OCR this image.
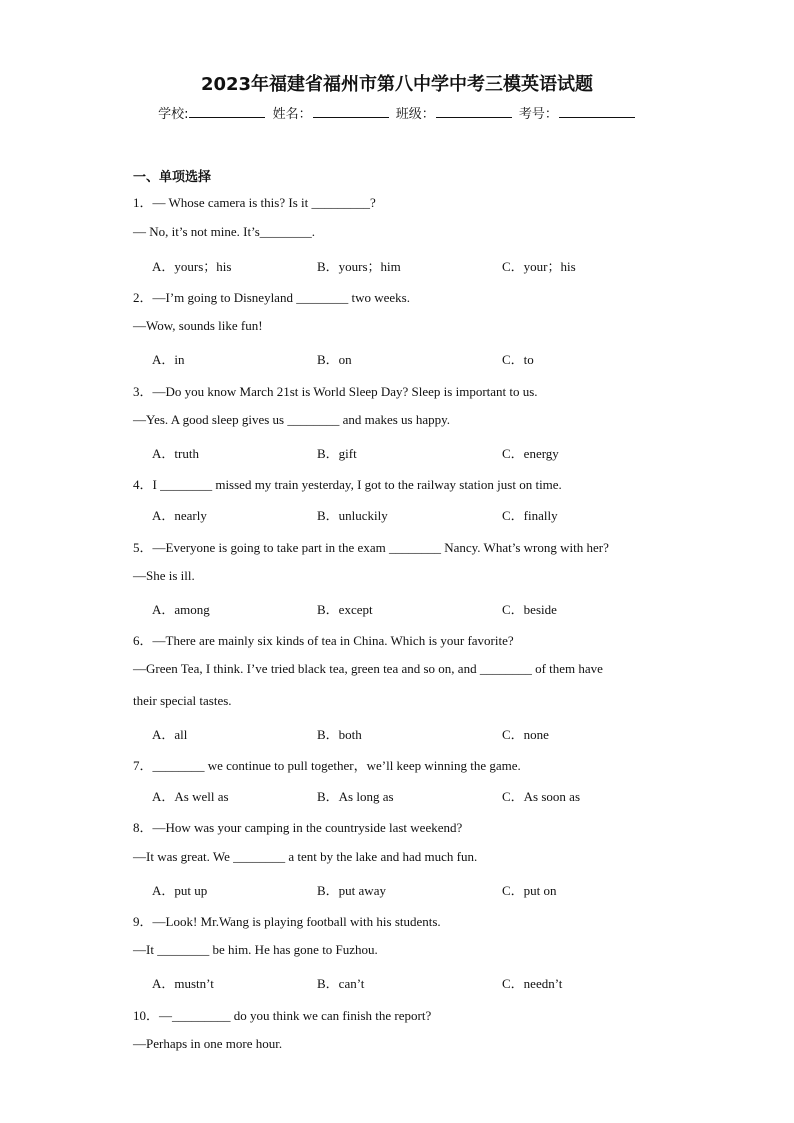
2023年福建省福州市第八中学中考三模英语试题
学校:	姓名：	班级：	考号：
一、单项选择
1．— Whose camera is this? Is it _________?
— No, it’s not mine. It’s________.
A．yours；his	B．yours；him	C．your；his
2．—I’m going to Disneyland ________ two weeks.
—Wow, sounds like fun!
A．in	B．on	C．to
3．—Do you know March 21st is World Sleep Day? Sleep is important to us.
—Yes. A good sleep gives us ________ and makes us happy.
A．truth	B．gift	C．energy
4．I ________ missed my train yesterday, I got to the railway station just on time.
A．nearly	B．unluckily	C．finally
5．—Everyone is going to take part in the exam ________ Nancy. What’s wrong with her?
—She is ill.
A．among	B．except	C．beside
6．—There are mainly six kinds of tea in China. Which is your favorite?
—Green Tea, I think. I’ve tried black tea, green tea and so on, and ________ of them have
their special tastes.
A．all	B．both	C．none
7．________ we continue to pull together，we’ll keep winning the game.
A．As well as	B．As long as	C．As soon as
8．—How was your camping in the countryside last weekend?
—It was great. We ________ a tent by the lake and had much fun.
A．put up	B．put away	C．put on
9．—Look! Mr.Wang is playing football with his students.
—It ________ be him. He has gone to Fuzhou.
A．mustn’t	B．can’t	C．needn’t
10．—_________ do you think we can finish the report?
—Perhaps in one more hour.
